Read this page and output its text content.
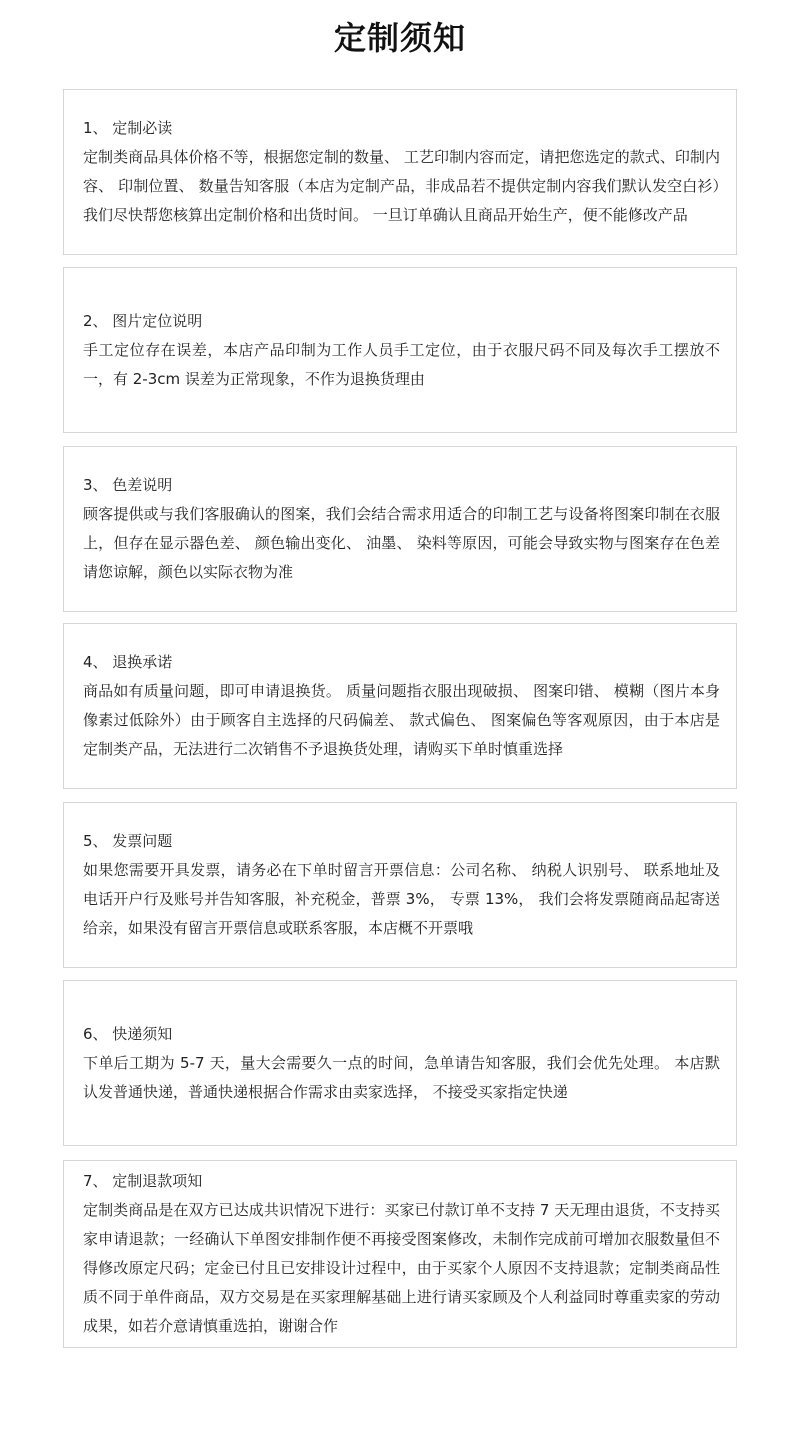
定制须知
1、 定制必读
定制类商品具体价格不等，根据您定制的数量、 工艺印制内容而定，请把您选定的款式、印制内容、 印制位置、 数量告知客服（本店为定制产品，非成品若不提供定制内容我们默认发空白衫）我们尽快帮您核算出定制价格和出货时间。 一旦订单确认且商品开始生产，便不能修改产品
2、 图片定位说明
手工定位存在误差，本店产品印制为工作人员手工定位，由于衣服尺码不同及每次手工摆放不一，有 2-3cm 误差为正常现象，不作为退换货理由
3、 色差说明
顾客提供或与我们客服确认的图案，我们会结合需求用适合的印制工艺与设备将图案印制在衣服上，但存在显示器色差、 颜色输出变化、 油墨、 染料等原因，可能会导致实物与图案存在色差请您谅解，颜色以实际衣物为准
4、 退换承诺
商品如有质量问题，即可申请退换货。 质量问题指衣服出现破损、 图案印错、 模糊（图片本身像素过低除外）由于顾客自主选择的尺码偏差、 款式偏色、 图案偏色等客观原因，由于本店是定制类产品，无法进行二次销售不予退换货处理，请购买下单时慎重选择
5、 发票问题
如果您需要开具发票，请务必在下单时留言开票信息：公司名称、 纳税人识别号、 联系地址及电话开户行及账号并告知客服，补充税金，普票 3%， 专票 13%， 我们会将发票随商品起寄送给亲，如果没有留言开票信息或联系客服，本店概不开票哦
6、 快递须知
下单后工期为 5-7 天，量大会需要久一点的时间，急单请告知客服，我们会优先处理。 本店默认发普通快递，普通快递根据合作需求由卖家选择， 不接受买家指定快递
7、 定制退款项知
定制类商品是在双方已达成共识情况下进行：买家已付款订单不支持 7 天无理由退货，不支持买家申请退款；一经确认下单图安排制作便不再接受图案修改，未制作完成前可增加衣服数量但不得修改原定尺码；定金已付且已安排设计过程中，由于买家个人原因不支持退款；定制类商品性质不同于单件商品，双方交易是在买家理解基础上进行请买家顾及个人利益同时尊重卖家的劳动成果，如若介意请慎重选拍，谢谢合作
